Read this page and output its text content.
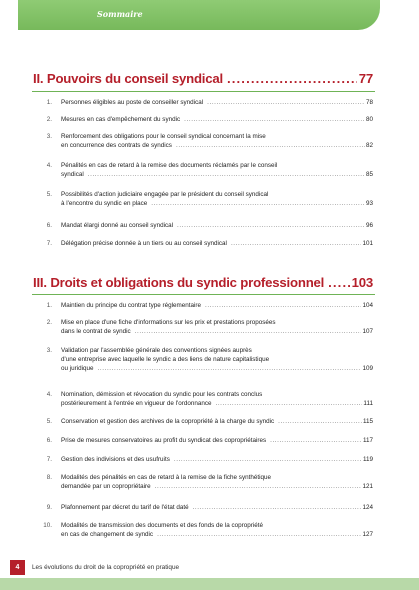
Sommaire
II. Pouvoirs du conseil syndical .....	77
1. Personnes éligibles au poste de conseiller syndical .....	78
2. Mesures en cas d'empêchement du syndic .....	80
3. Renforcement des obligations pour le conseil syndical concernant la mise
en concurrence des contrats de syndics .....	82
4. Pénalités en cas de retard à la remise des documents réclamés par le conseil
syndical .....	85
5. Possibilités d'action judiciaire engagée par le président du conseil syndical
à l'encontre du syndic en place .....	93
6. Mandat élargi donné au conseil syndical .....	96
7. Délégation précise donnée à un tiers ou au conseil syndical .....	101
III. Droits et obligations du syndic professionnel ..... 103
1. Maintien du principe du contrat type réglementaire .....	104
2. Mise en place d'une fiche d'informations sur les prix et prestations proposées
dans le contrat de syndic .....	107
3. Validation par l'assemblée générale des conventions signées auprès
d'une entreprise avec laquelle le syndic a des liens de nature capitalistique
ou juridique .....	109
4. Nomination, démission et révocation du syndic pour les contrats conclus
postérieurement à l'entrée en vigueur de l'ordonnance .....	111
5. Conservation et gestion des archives de la copropriété à la charge du syndic .....	115
6. Prise de mesures conservatoires au profit du syndicat des copropriétaires .....	117
7. Gestion des indivisions et des usufruits .....	119
8. Modalités des pénalités en cas de retard à la remise de la fiche synthétique
demandée par un copropriétaire .....	121
9. Plafonnement par décret du tarif de l'état daté .....	124
10. Modalités de transmission des documents et des fonds de la copropriété
en cas de changement de syndic .....	127
4	Les évolutions du droit de la copropriété en pratique
